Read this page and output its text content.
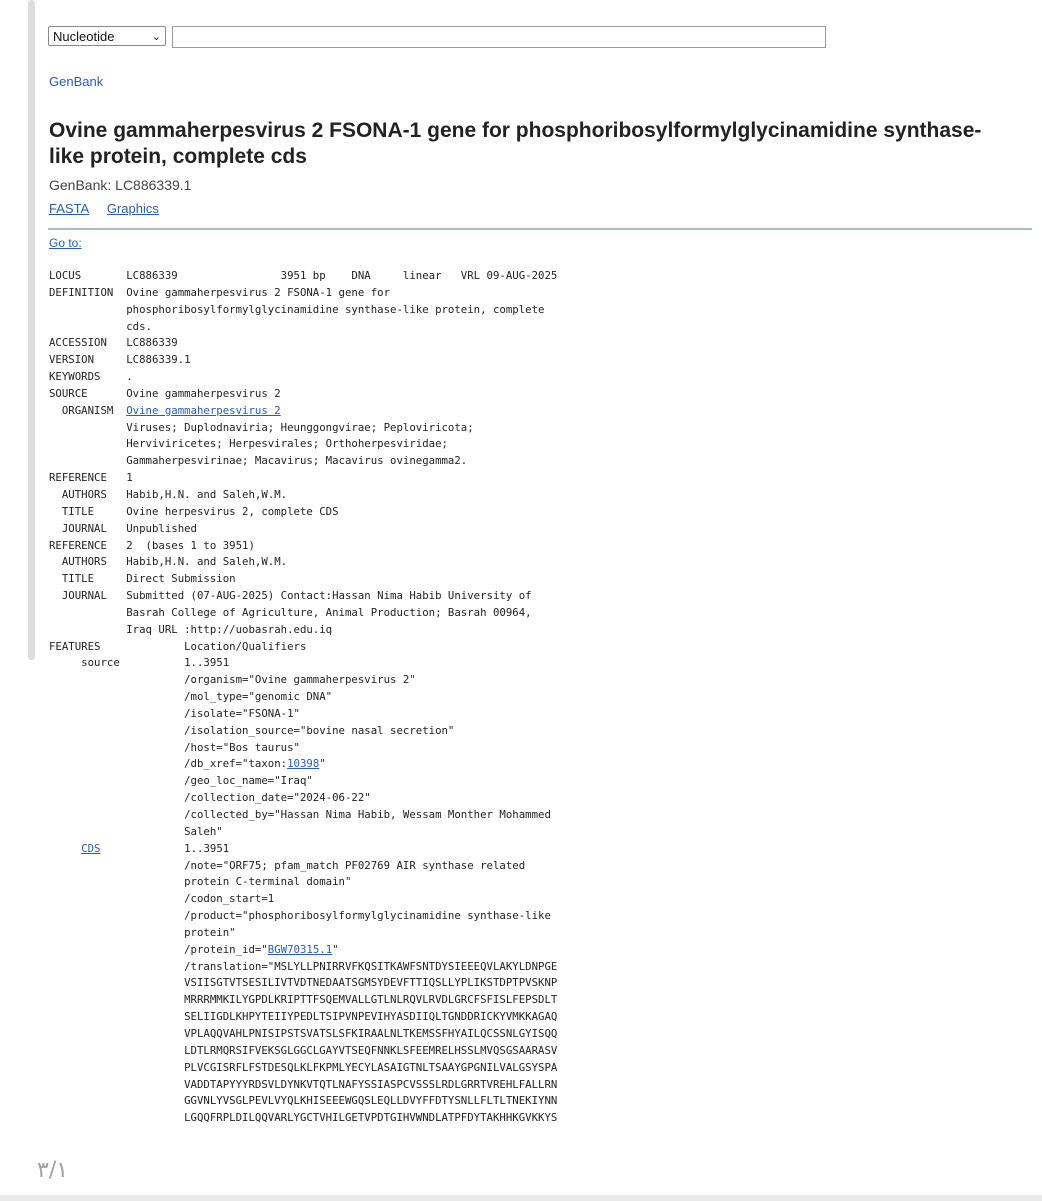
Nucleotide	⌄
GenBank
Ovine gammaherpesvirus 2 FSONA-1 gene for phosphoribosylformylglycinamidine synthase-like protein, complete cds
GenBank: LC886339.1
FASTA Graphics
Go to:
LOCUS       LC886339                3951 bp    DNA     linear   VRL 09-AUG-2025
DEFINITION  Ovine gammaherpesvirus 2 FSONA-1 gene for
phosphoribosylformylglycinamidine synthase-like protein, complete
cds.
ACCESSION   LC886339
VERSION     LC886339.1
KEYWORDS    .
SOURCE      Ovine gammaherpesvirus 2
ORGANISM  Ovine gammaherpesvirus 2
Viruses; Duplodnaviria; Heunggongvirae; Peploviricota;
Herviviricetes; Herpesvirales; Orthoherpesviridae;
Gammaherpesvirinae; Macavirus; Macavirus ovinegamma2.
REFERENCE   1
AUTHORS   Habib,H.N. and Saleh,W.M.
TITLE     Ovine herpesvirus 2, complete CDS
JOURNAL   Unpublished
REFERENCE   2  (bases 1 to 3951)
AUTHORS   Habib,H.N. and Saleh,W.M.
TITLE     Direct Submission
JOURNAL   Submitted (07-AUG-2025) Contact:Hassan Nima Habib University of
Basrah College of Agriculture, Animal Production; Basrah 00964,
Iraq URL :http://uobasrah.edu.iq
FEATURES             Location/Qualifiers
source          1..3951
/organism="Ovine gammaherpesvirus 2"
/mol_type="genomic DNA"
/isolate="FSONA-1"
/isolation_source="bovine nasal secretion"
/host="Bos taurus"
/db_xref="taxon:10398"
/geo_loc_name="Iraq"
/collection_date="2024-06-22"
/collected_by="Hassan Nima Habib, Wessam Monther Mohammed
Saleh"
CDS             1..3951
/note="ORF75; pfam_match PF02769 AIR synthase related
protein C-terminal domain"
/codon_start=1
/product="phosphoribosylformylglycinamidine synthase-like
protein"
/protein_id="BGW70315.1"
/translation="MSLYLLPNIRRVFKQSITKAWFSNTDYSIEEEQVLAKYLDNPGE
VSIISGTVTSESILIVTVDTNEDAATSGMSYDEVFTTIQSLLYPLIKSTDPTPVSKNP
MRRRMMKILYGPDLKRIPTTFSQEMVALLGTLNLRQVLRVDLGRCFSFISLFEPSDLT
SELIIGDLKHPYTEIIYPEDLTSIPVNPEVIHYASDIIQLTGNDDRICKYVMKKAGAQ
VPLAQQVAHLPNISIPSTSVATSLSFKIRAALNLTKEMSSFHYAILQCSSNLGYISQQ
LDTLRMQRSIFVEKSGLGGCLGAYVTSEQFNNKLSFEEMRELHSSLMVQSGSAARASV
PLVCGISRFLFSTDESQLKLFKPMLYECYLASAIGTNLTSAAYGPGNILVALGSYSPA
VADDTAPYYYRDSVLDYNKVTQTLNAFYSSIASPCVSSSLRDLGRRTVREHLFALLRN
GGVNLYVSGLPEVLVYQLKHISEEEWGQSLEQLLDVYFFDTYSNLLFLTLTNEKIYNN
LGQQFRPLDILQQVARLYGCTVHILGETVPDTGIHVWNDLATPFDYTAKHHKGVKKYS
٣/١
